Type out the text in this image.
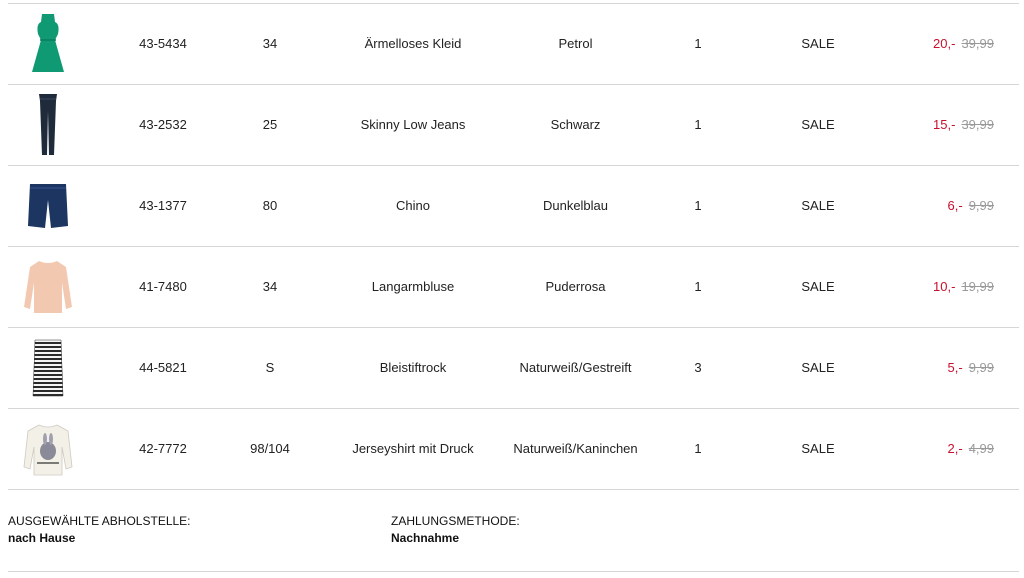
43-5434	34	Ärmelloses Kleid	Petrol	1	SALE	20,- 39,99
43-2532	25	Skinny Low Jeans	Schwarz	1	SALE	15,- 39,99
43-1377	80	Chino	Dunkelblau	1	SALE	6,- 9,99
41-7480	34	Langarmbluse	Puderrosa	1	SALE	10,- 19,99
44-5821	S	Bleistiftrock	Naturweiß/Gestreift	3	SALE	5,- 9,99
42-7772	98/104	Jerseyshirt mit Druck	Naturweiß/Kaninchen	1	SALE	2,- 4,99
AUSGEWÄHLTE ABHOLSTELLE:
nach Hause
ZAHLUNGSMETHODE:
Nachnahme
